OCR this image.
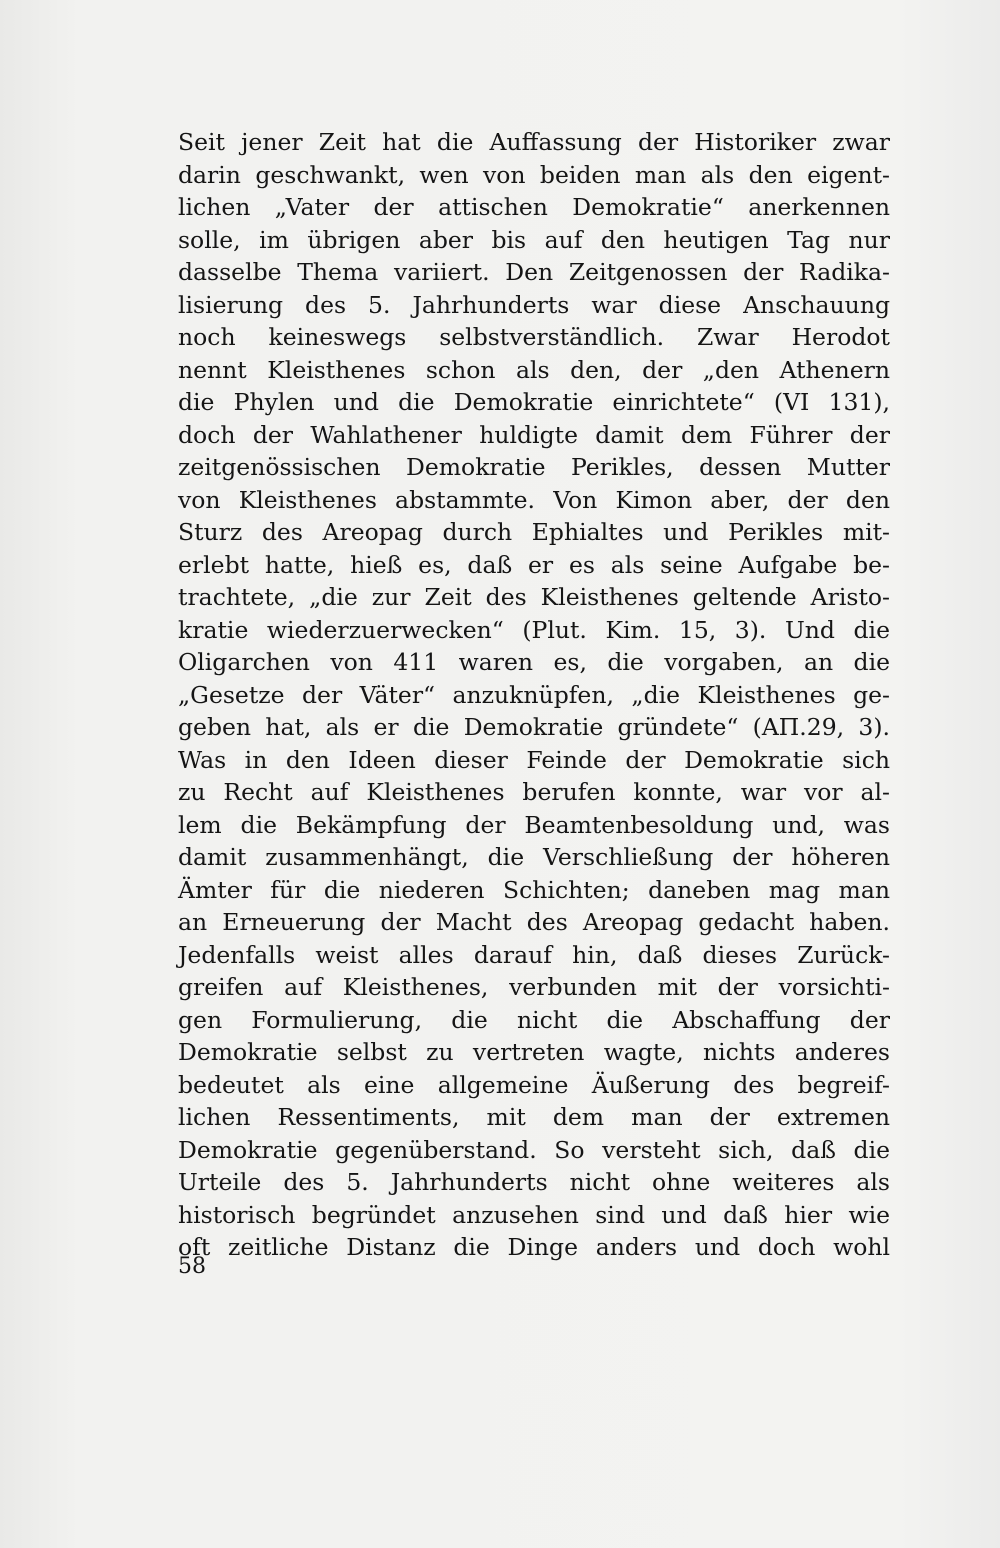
Seit jener Zeit hat die Auffassung der Historiker zwar
darin geschwankt, wen von beiden man als den eigent-
lichen „Vater der attischen Demokratie“ anerkennen
solle, im übrigen aber bis auf den heutigen Tag nur
dasselbe Thema variiert. Den Zeitgenossen der Radika-
lisierung des 5. Jahrhunderts war diese Anschauung
noch keineswegs selbstverständlich. Zwar Herodot
nennt Kleisthenes schon als den, der „den Athenern
die Phylen und die Demokratie einrichtete“ (VI 131),
doch der Wahlathener huldigte damit dem Führer der
zeitgenössischen Demokratie Perikles, dessen Mutter
von Kleisthenes abstammte. Von Kimon aber, der den
Sturz des Areopag durch Ephialtes und Perikles mit-
erlebt hatte, hieß es, daß er es als seine Aufgabe be-
trachtete, „die zur Zeit des Kleisthenes geltende Aristo-
kratie wiederzuerwecken“ (Plut. Kim. 15, 3). Und die
Oligarchen von 411 waren es, die vorgaben, an die
„Gesetze der Väter“ anzuknüpfen, „die Kleisthenes ge-
geben hat, als er die Demokratie gründete“ (AП.29, 3).
Was in den Ideen dieser Feinde der Demokratie sich
zu Recht auf Kleisthenes berufen konnte, war vor al-
lem die Bekämpfung der Beamtenbesoldung und, was
damit zusammenhängt, die Verschließung der höheren
Ämter für die niederen Schichten; daneben mag man
an Erneuerung der Macht des Areopag gedacht haben.
Jedenfalls weist alles darauf hin, daß dieses Zurück-
greifen auf Kleisthenes, verbunden mit der vorsichti-
gen Formulierung, die nicht die Abschaffung der
Demokratie selbst zu vertreten wagte, nichts anderes
bedeutet als eine allgemeine Äußerung des begreif-
lichen Ressentiments, mit dem man der extremen
Demokratie gegenüberstand. So versteht sich, daß die
Urteile des 5. Jahrhunderts nicht ohne weiteres als
historisch begründet anzusehen sind und daß hier wie
oft zeitliche Distanz die Dinge anders und doch wohl
58
